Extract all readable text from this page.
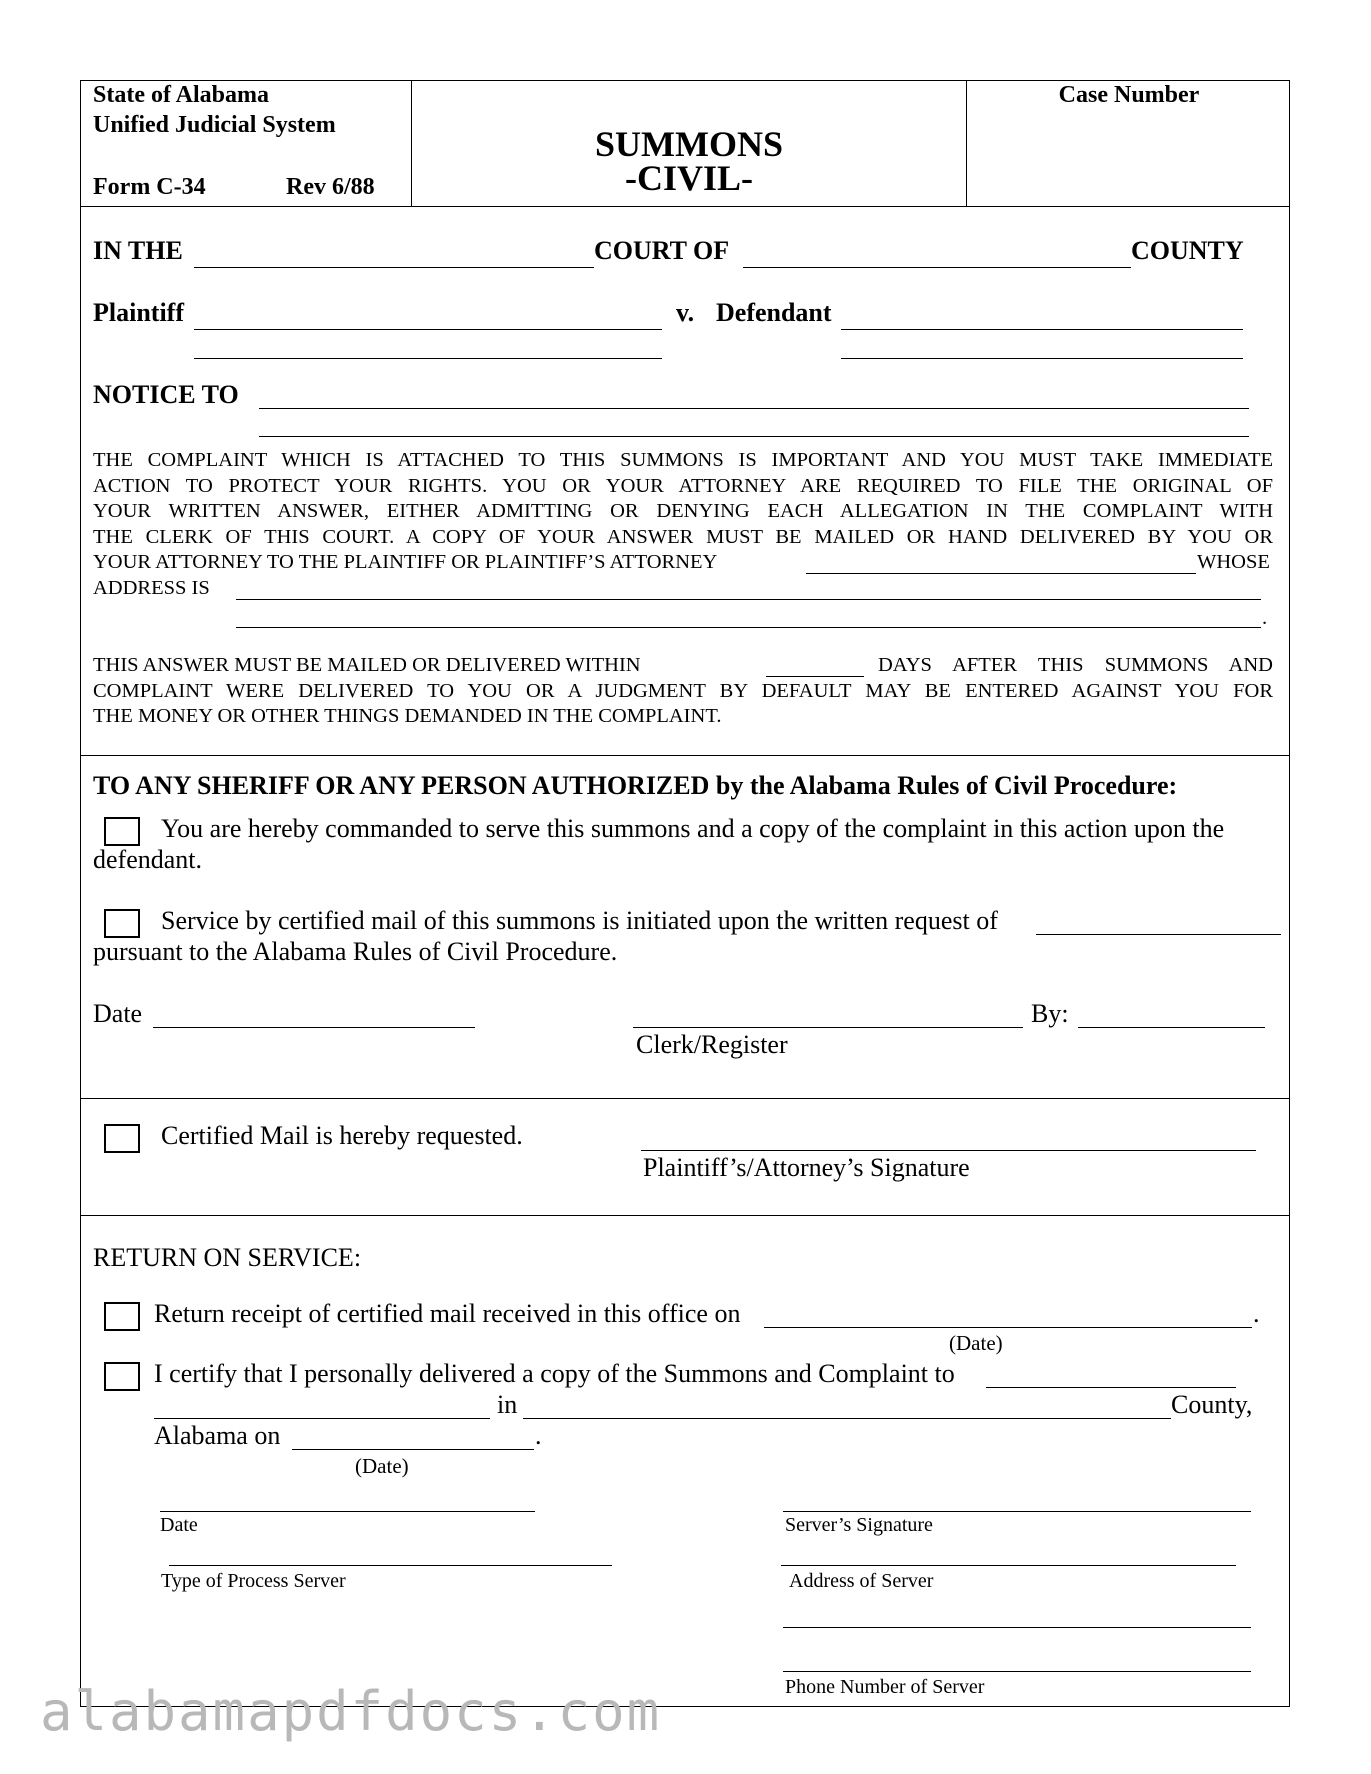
State of Alabama
Unified Judicial System
Form C-34	Rev 6/88
SUMMONS
-CIVIL-
Case Number
IN THE	COURT OF	COUNTY
Plaintiff	v. Defendant
NOTICE TO
THE COMPLAINT WHICH IS ATTACHED TO THIS SUMMONS IS IMPORTANT AND YOU MUST TAKE IMMEDIATE
ACTION TO PROTECT YOUR RIGHTS. YOU OR YOUR ATTORNEY ARE REQUIRED TO FILE THE ORIGINAL OF
YOUR WRITTEN ANSWER, EITHER ADMITTING OR DENYING EACH ALLEGATION IN THE COMPLAINT WITH
THE CLERK OF THIS COURT. A COPY OF YOUR ANSWER MUST BE MAILED OR HAND DELIVERED BY YOU OR
YOUR ATTORNEY TO THE PLAINTIFF OR PLAINTIFF’S ATTORNEY	WHOSE
ADDRESS IS
.
THIS ANSWER MUST BE MAILED OR DELIVERED WITHIN	DAYS AFTER THIS SUMMONS AND
COMPLAINT WERE DELIVERED TO YOU OR A JUDGMENT BY DEFAULT MAY BE ENTERED AGAINST YOU FOR
THE MONEY OR OTHER THINGS DEMANDED IN THE COMPLAINT.
TO ANY SHERIFF OR ANY PERSON AUTHORIZED by the Alabama Rules of Civil Procedure:
You are hereby commanded to serve this summons and a copy of the complaint in this action upon the
defendant.
Service by certified mail of this summons is initiated upon the written request of
pursuant to the Alabama Rules of Civil Procedure.
Date	By:
Clerk/Register
Certified Mail is hereby requested.
Plaintiff’s/Attorney’s Signature
RETURN ON SERVICE:
Return receipt of certified mail received in this office on	.
(Date)
I certify that I personally delivered a copy of the Summons and Complaint to
in	County,
Alabama on	.
(Date)
Date	Server’s Signature
Type of Process Server	Address of Server
Phone Number of Server
alabamapdfdocs.com
